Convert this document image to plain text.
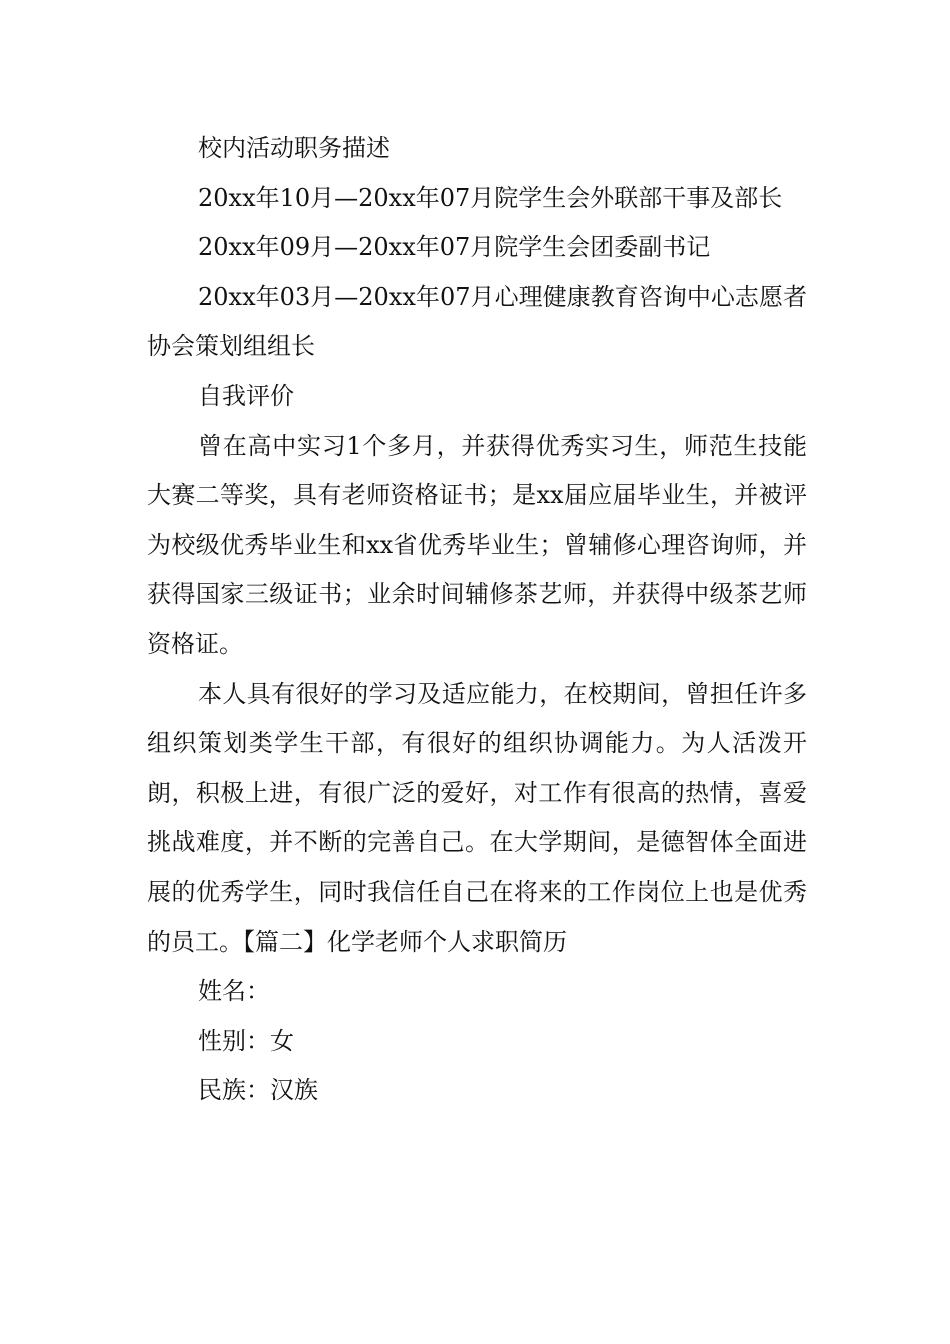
校内活动职务描述

20xx年10月—20xx年07月院学生会外联部干事及部长

20xx年09月—20xx年07月院学生会团委副书记

20xx年03月—20xx年07月心理健康教育咨询中心志愿者协会策划组组长

自我评价

曾在高中实习1个多月，并获得优秀实习生，师范生技能大赛二等奖，具有老师资格证书；是xx届应届毕业生，并被评为校级优秀毕业生和xx省优秀毕业生；曾辅修心理咨询师，并获得国家三级证书；业余时间辅修茶艺师，并获得中级茶艺师资格证。

本人具有很好的学习及适应能力，在校期间，曾担任许多组织策划类学生干部，有很好的组织协调能力。为人活泼开朗，积极上进，有很广泛的爱好，对工作有很高的热情，喜爱挑战难度，并不断的完善自己。在大学期间，是德智体全面进展的优秀学生，同时我信任自己在将来的工作岗位上也是优秀的员工。【篇二】化学老师个人求职简历

姓名：

性别：女

民族：汉族
